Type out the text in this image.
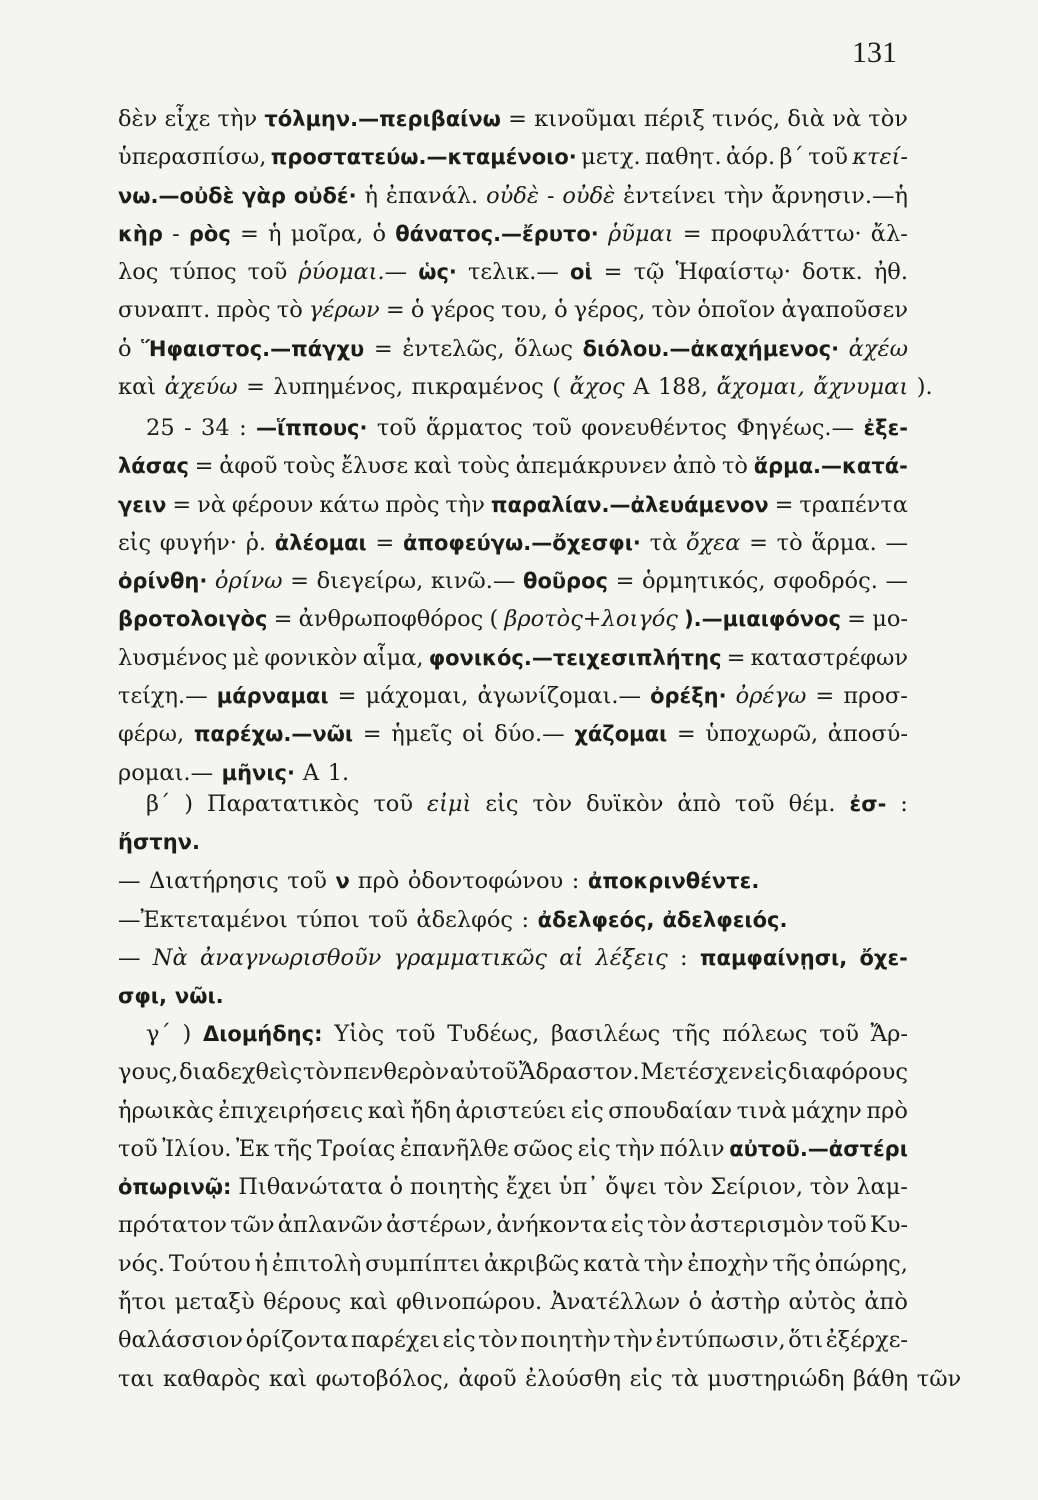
131
δὲν εἶχε τὴν τόλμην.—περιβαίνω = κινοῦμαι πέριξ τινός, διὰ νὰ τὸν
ὑπερασπίσω, προστατεύω.—κταμένοιο· μετχ. παθητ. ἀόρ. β΄ τοῦ κτεί-
νω.—οὐδὲ γὰρ οὐδέ· ἡ ἐπανάλ. οὐδὲ - οὐδὲ ἐντείνει τὴν ἄρνησιν.—ἡ
κὴρ - ρὸς = ἡ μοῖρα, ὁ θάνατος.—ἔρυτο· ῥῦμαι = προφυλάττω· ἄλ-
λος τύπος τοῦ ῥύομαι.— ὡς· τελικ.— οἱ = τῷ Ἡφαίστῳ· δοτκ. ἠθ.
συναπτ. πρὸς τὸ γέρων = ὁ γέρος του, ὁ γέρος, τὸν ὁποῖον ἀγαποῦσεν
ὁ Ἥφαιστος.—πάγχυ = ἐντελῶς, ὅλως διόλου.—ἀκαχήμενος· ἀχέω
καὶ ἀχεύω = λυπημένος, πικραμένος ( ἄχος Α 188, ἄχομαι, ἄχνυμαι ).
25 - 34 : —ἵππους· τοῦ ἅρματος τοῦ φονευθέντος Φηγέως.— ἐξε-
λάσας = ἀφοῦ τοὺς ἔλυσε καὶ τοὺς ἀπεμάκρυνεν ἀπὸ τὸ ἅρμα.—κατά-
γειν = νὰ φέρουν κάτω πρὸς τὴν παραλίαν.—ἀλευάμενον = τραπέντα
εἰς φυγήν· ῥ. ἀλέομαι = ἀποφεύγω.—ὄχεσφι· τὰ ὄχεα = τὸ ἅρμα. —
ὀρίνθη· ὀρίνω = διεγείρω, κινῶ.— θοῦρος = ὁρμητικός, σφοδρός. —
βροτολοιγὸς = ἀνθρωποφθόρος ( βροτὸς+λοιγός ).—μιαιφόνος = μο-
λυσμένος μὲ φονικὸν αἷμα, φονικός.—τειχεσιπλήτης = καταστρέφων
τείχη.— μάρναμαι = μάχομαι, ἀγωνίζομαι.— ὀρέξη· ὀρέγω = προσ-
φέρω, παρέχω.—νῶι = ἡμεῖς οἱ δύο.— χάζομαι = ὑποχωρῶ, ἀποσύ-
ρομαι.— μῆνις· Α 1.
β΄ ) Παρατατικὸς τοῦ εἰμὶ εἰς τὸν δυϊκὸν ἀπὸ τοῦ θέμ. ἐσ- :
ἤστην.
— Διατήρησις τοῦ ν πρὸ ὀδοντοφώνου : ἀποκρινθέντε.
—Ἐκτεταμένοι τύποι τοῦ ἀδελφός : ἀδελφεός, ἀδελφειός.
— Νὰ ἀναγνωρισθοῦν γραμματικῶς αἱ λέξεις : παμφαίνῃσι, ὄχε-
σφι, νῶι.
γ΄ ) Διομήδης: Υἱὸς τοῦ Τυδέως, βασιλέως τῆς πόλεως τοῦ Ἄρ-
γους, διαδεχθεὶς τὸν πενθερὸν αὐτοῦ Ἄδραστον. Μετέσχεν εἰς διαφόρους
ἡρωικὰς ἐπιχειρήσεις καὶ ἤδη ἀριστεύει εἰς σπουδαίαν τινὰ μάχην πρὸ
τοῦ Ἰλίου. Ἐκ τῆς Τροίας ἐπανῆλθε σῶος εἰς τὴν πόλιν αὐτοῦ.—ἀστέρι
ὀπωρινῷ: Πιθανώτατα ὁ ποιητὴς ἔχει ὑπ᾽ ὄψει τὸν Σείριον, τὸν λαμ-
πρότατον τῶν ἀπλανῶν ἀστέρων, ἀνήκοντα εἰς τὸν ἀστερισμὸν τοῦ Κυ-
νός. Τούτου ἡ ἐπιτολὴ συμπίπτει ἀκριβῶς κατὰ τὴν ἐποχὴν τῆς ὀπώρης,
ἤτοι μεταξὺ θέρους καὶ φθινοπώρου. Ἀνατέλλων ὁ ἀστὴρ αὐτὸς ἀπὸ
θαλάσσιον ὁρίζοντα παρέχει εἰς τὸν ποιητὴν τὴν ἐντύπωσιν, ὅτι ἐξέρχε-
ται καθαρὸς καὶ φωτοβόλος, ἀφοῦ ἐλούσθη εἰς τὰ μυστηριώδη βάθη τῶν
